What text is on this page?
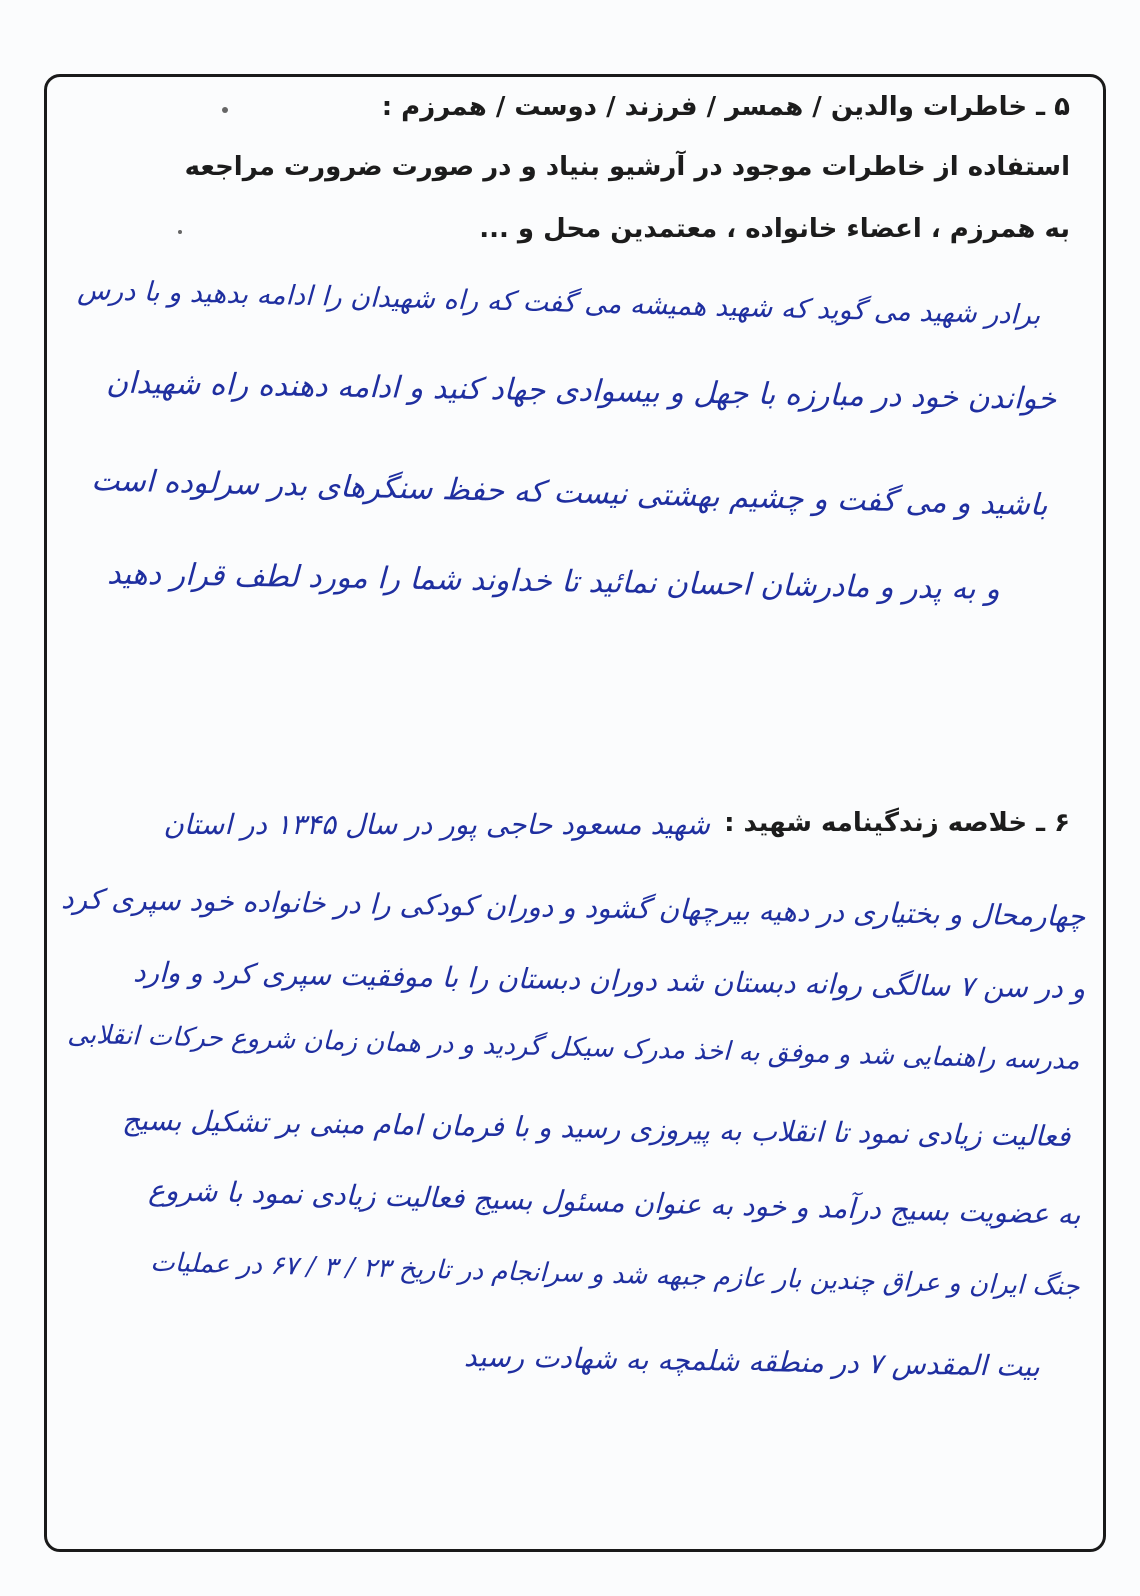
۵ ـ خاطرات والدین / همسر / فرزند / دوست / همرزم :
استفاده از خاطرات موجود در آرشیو بنیاد و در صورت ضرورت مراجعه
به همرزم ، اعضاء خانواده ، معتمدین محل و ...
برادر شهید می گوید که شهید همیشه می گفت که راه شهیدان را ادامه بدهید و با درس
خواندن خود در مبارزه با جهل و بیسوادی جهاد کنید و ادامه دهنده راه شهیدان
باشید و می گفت و چشیم بهشتی نیست که حفظ سنگرهای بدر سرلوده است
و به پدر و مادرشان احسان نمائید تا خداوند شما را مورد لطف قرار دهید
۶ ـ خلاصه زندگینامه شهید :
شهید مسعود حاجی پور در سال ۱۳۴۵ در استان
چهارمحال و بختیاری در دهیه بیرچهان گشود و دوران کودکی را در خانواده خود سپری کرد
و در سن ۷ سالگی روانه دبستان شد دوران دبستان را با موفقیت سپری کرد و وارد
مدرسه راهنمایی شد و موفق به اخذ مدرک سیکل گردید و در همان زمان شروع حرکات انقلابی
فعالیت زیادی نمود تا انقلاب به پیروزی رسید و با فرمان امام مبنی بر تشکیل بسیج
به عضویت بسیج درآمد و خود به عنوان مسئول بسیج فعالیت زیادی نمود با شروع
جنگ ایران و عراق چندین بار عازم جبهه شد و سرانجام در تاریخ ۲۳ / ۳ / ۶۷ در عملیات
بیت المقدس ۷ در منطقه شلمچه به شهادت رسید
